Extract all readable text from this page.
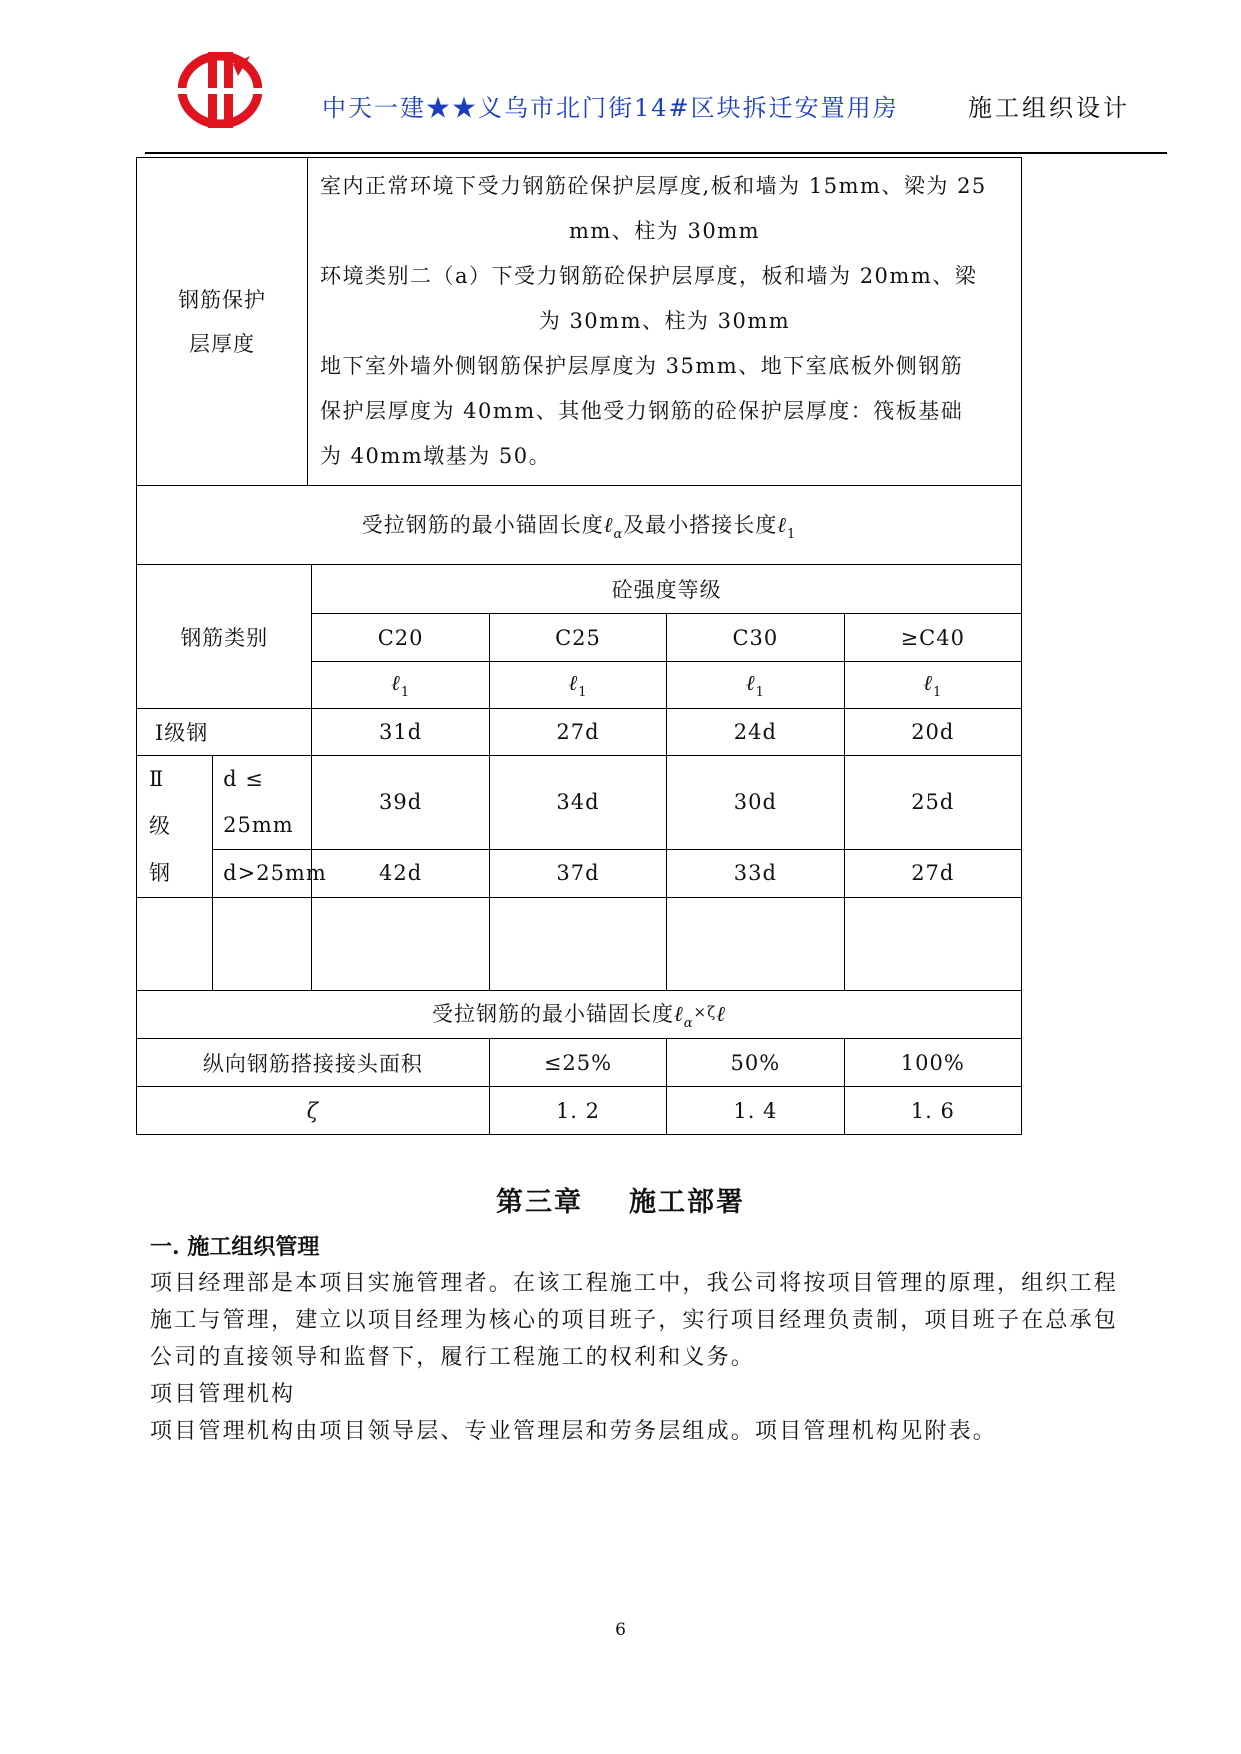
中天一建★★义乌市北门街14#区块拆迁安置用房	施工组织设计
钢筋保护层厚度
	室内正常环境下受力钢筋砼保护层厚度,板和墙为 15mm、梁为 25
mm、柱为 30mm
环境类别二（a）下受力钢筋砼保护层厚度，板和墙为 20mm、梁
为 30mm、柱为 30mm
地下室外墙外侧钢筋保护层厚度为 35mm、地下室底板外侧钢筋
保护层厚度为 40mm、其他受力钢筋的砼保护层厚度：筏板基础
为 40mm墩基为 50。
受拉钢筋的最小锚固长度ℓ$_\alpha$及最小搭接长度ℓ$_1$
钢筋类别		砼强度等级			
		C20	C25	C30	≥C40
		ℓ$_1$	ℓ$_1$	ℓ$_1$	ℓ$_1$
Ⅰ级钢		31d	27d	24d	20d

Ⅱ级钢	d ≤ 25mm	39d	34d	30d	25d
	d>25mm	42d	37d	33d	27d

受拉钢筋的最小锚固长度ℓ$_\alpha$×ζℓ					
纵向钢筋搭接接头面积			≤25%	50%	100%
ζ			1. 2	1. 4	1. 6
第三章 施工部署
一. 施工组织管理
项目经理部是本项目实施管理者。在该工程施工中，我公司将按项目管理的原理，组织工程施工与管理，建立以项目经理为核心的项目班子，实行项目经理负责制，项目班子在总承包公司的直接领导和监督下，履行工程施工的权利和义务。
项目管理机构
项目管理机构由项目领导层、专业管理层和劳务层组成。项目管理机构见附表。
6
